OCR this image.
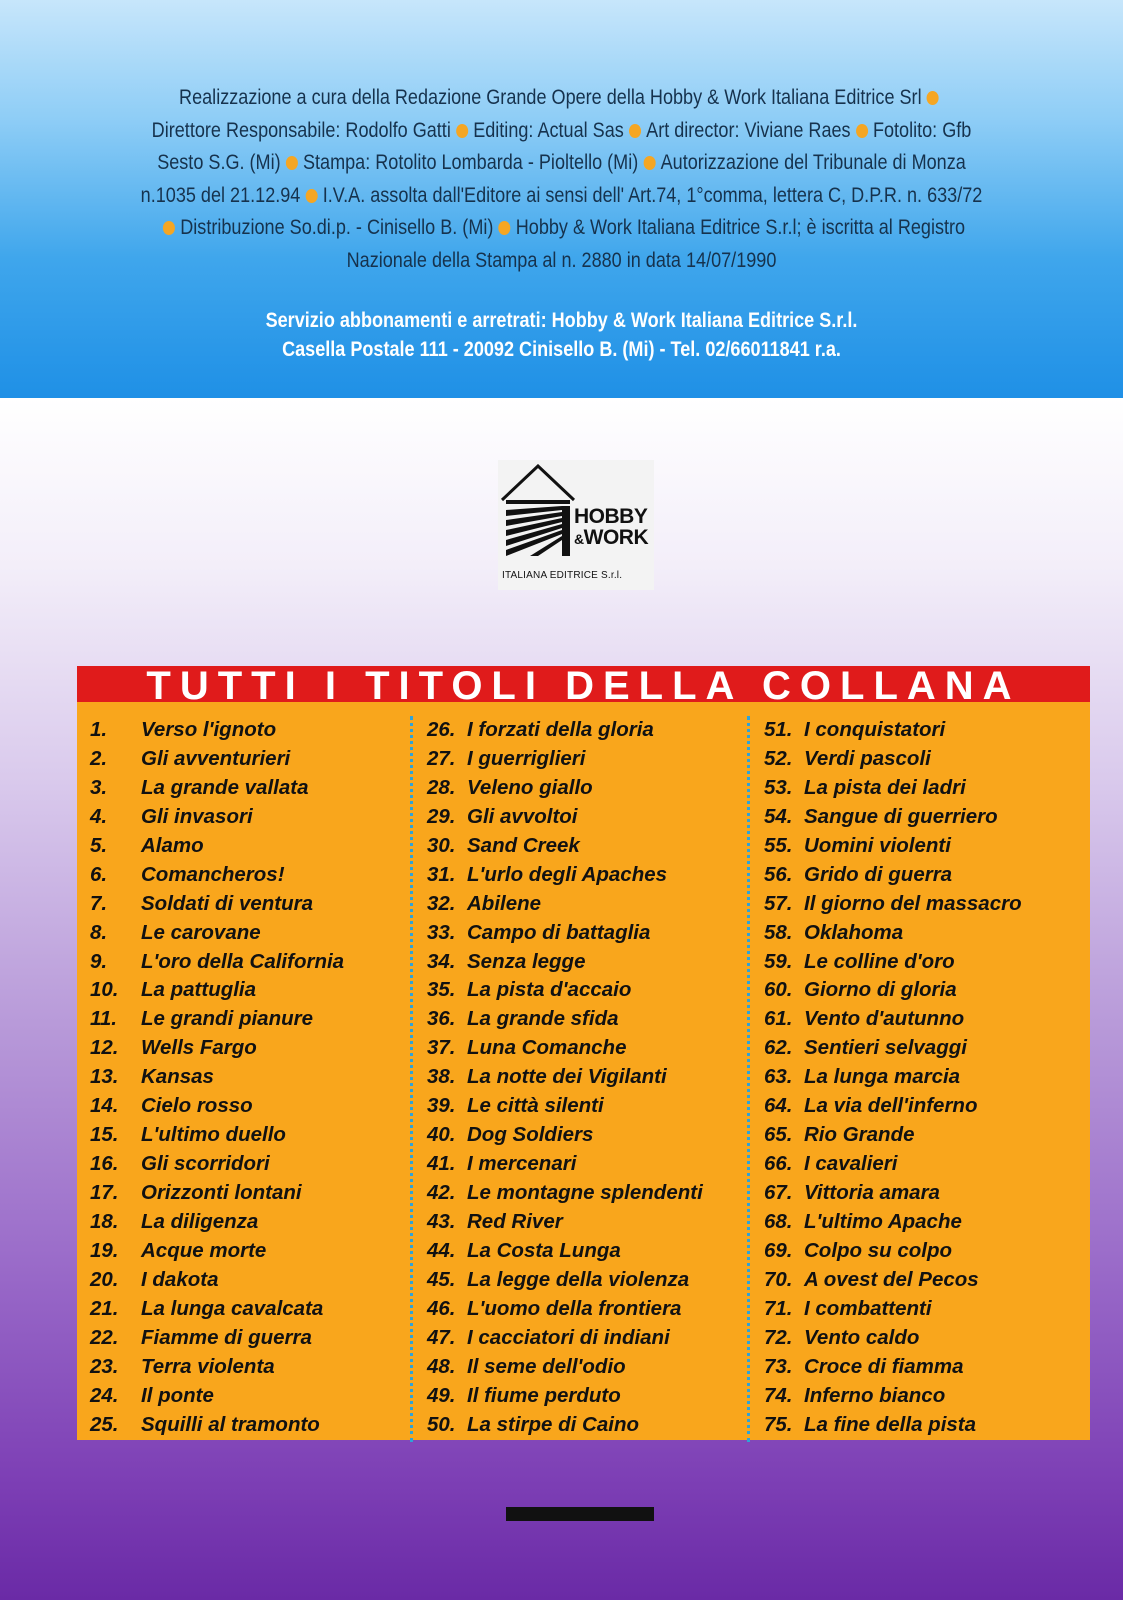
Realizzazione a cura della Redazione Grande Opere della Hobby & Work Italiana Editrice Srl
Direttore Responsabile: Rodolfo Gatti Editing: Actual Sas Art director: Viviane Raes Fotolito: Gfb
Sesto S.G. (Mi) Stampa: Rotolito Lombarda - Pioltello (Mi) Autorizzazione del Tribunale di Monza
n.1035 del 21.12.94 I.V.A. assolta dall'Editore ai sensi dell' Art.74, 1°comma, lettera C, D.P.R. n. 633/72
Distribuzione So.di.p. - Cinisello B. (Mi) Hobby & Work Italiana Editrice S.r.l; è iscritta al Registro
Nazionale della Stampa al n. 2880 in data 14/07/1990
Servizio abbonamenti e arretrati: Hobby & Work Italiana Editrice S.r.l.
Casella Postale 111 - 20092 Cinisello B. (Mi) - Tel. 02/66011841 r.a.
HOBBY
&WORK
ITALIANA EDITRICE S.r.l.
TUTTI I TITOLI DELLA COLLANA
1. Verso l'ignoto
2. Gli avventurieri
3. La grande vallata
4. Gli invasori
5. Alamo
6. Comancheros!
7. Soldati di ventura
8. Le carovane
9. L'oro della California
10. La pattuglia
11. Le grandi pianure
12. Wells Fargo
13. Kansas
14. Cielo rosso
15. L'ultimo duello
16. Gli scorridori
17. Orizzonti lontani
18. La diligenza
19. Acque morte
20. I dakota
21. La lunga cavalcata
22. Fiamme di guerra
23. Terra violenta
24. Il ponte
25. Squilli al tramonto
26. I forzati della gloria
27. I guerriglieri
28. Veleno giallo
29. Gli avvoltoi
30. Sand Creek
31. L'urlo degli Apaches
32. Abilene
33. Campo di battaglia
34. Senza legge
35. La pista d'accaio
36. La grande sfida
37. Luna Comanche
38. La notte dei Vigilanti
39. Le città silenti
40. Dog Soldiers
41. I mercenari
42. Le montagne splendenti
43. Red River
44. La Costa Lunga
45. La legge della violenza
46. L'uomo della frontiera
47. I cacciatori di indiani
48. Il seme dell'odio
49. Il fiume perduto
50. La stirpe di Caino
51. I conquistatori
52. Verdi pascoli
53. La pista dei ladri
54. Sangue di guerriero
55. Uomini violenti
56. Grido di guerra
57. Il giorno del massacro
58. Oklahoma
59. Le colline d'oro
60. Giorno di gloria
61. Vento d'autunno
62. Sentieri selvaggi
63. La lunga marcia
64. La via dell'inferno
65. Rio Grande
66. I cavalieri
67. Vittoria amara
68. L'ultimo Apache
69. Colpo su colpo
70. A ovest del Pecos
71. I combattenti
72. Vento caldo
73. Croce di fiamma
74. Inferno bianco
75. La fine della pista
